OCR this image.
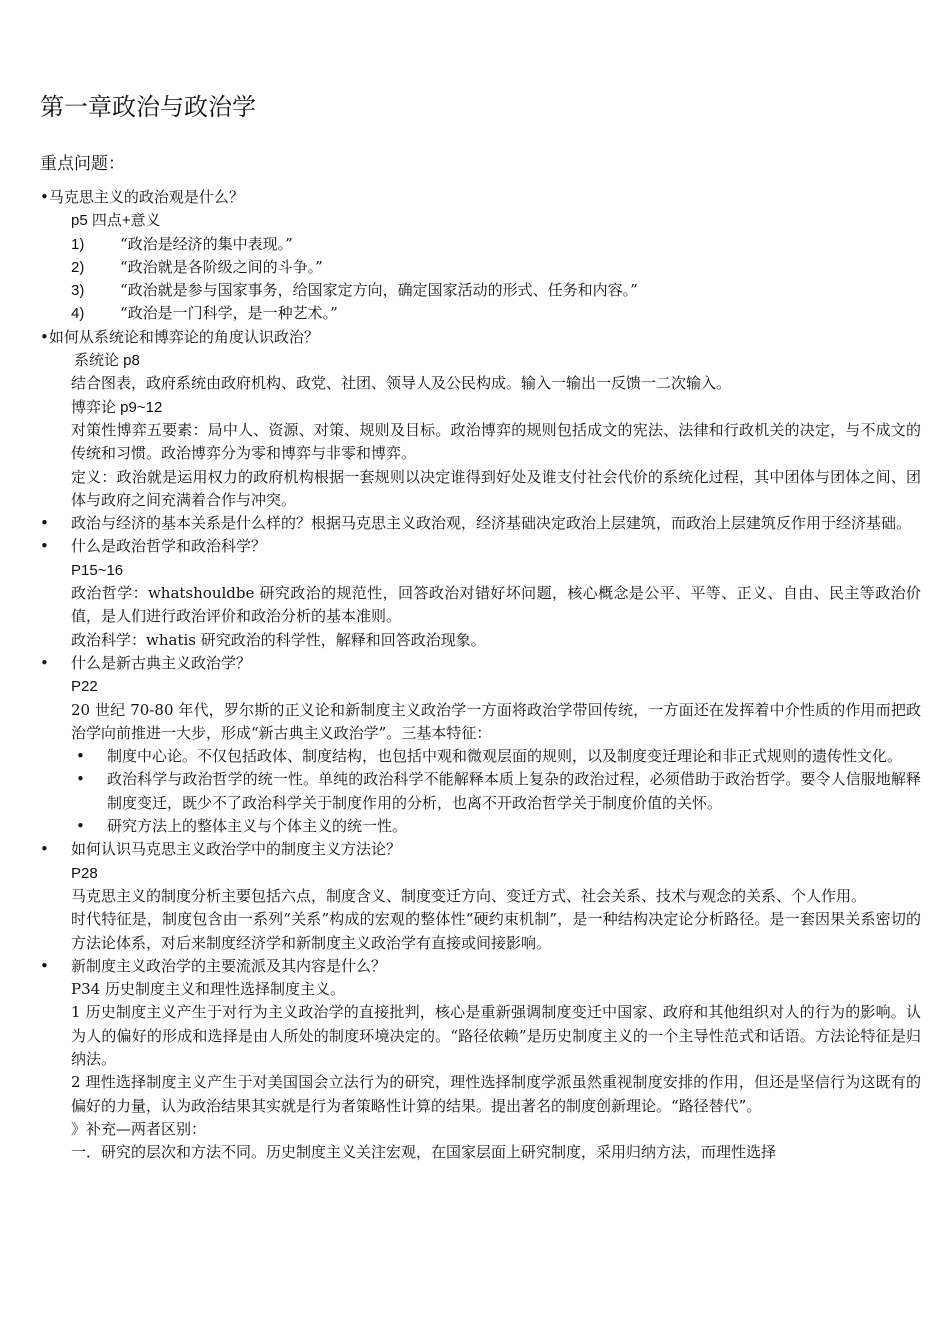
第一章政治与政治学
重点问题：
•马克思主义的政治观是什么？
p5 四点+意义
1) “政治是经济的集中表现。”
2) “政治就是各阶级之间的斗争。”
3) “政治就是参与国家事务，给国家定方向，确定国家活动的形式、任务和内容。”
4) “政治是一门科学，是一种艺术。”
•如何从系统论和博弈论的角度认识政治？
系统论 p8
结合图表，政府系统由政府机构、政党、社团、领导人及公民构成。输入一输出一反馈一二次输入。
博弈论 p9~12
对策性博弈五要素：局中人、资源、对策、规则及目标。政治博弈的规则包括成文的宪法、法律和行政机关的决定，与不成文的传统和习惯。政治博弈分为零和博弈与非零和博弈。
定义：政治就是运用权力的政府机构根据一套规则以决定谁得到好处及谁支付社会代价的系统化过程，其中团体与团体之间、团体与政府之间充满着合作与冲突。
•	政治与经济的基本关系是什么样的？根据马克思主义政治观，经济基础决定政治上层建筑，而政治上层建筑反作用于经济基础。
•	什么是政治哲学和政治科学？
P15~16
政治哲学：whatshouldbe 研究政治的规范性，回答政治对错好坏问题，核心概念是公平、平等、正义、自由、民主等政治价值，是人们进行政治评价和政治分析的基本准则。
政治科学：whatis 研究政治的科学性，解释和回答政治现象。
•	什么是新古典主义政治学？
P22
20 世纪 70-80 年代，罗尔斯的正义论和新制度主义政治学一方面将政治学带回传统，一方面还在发挥着中介性质的作用而把政治学向前推进一大步，形成“新古典主义政治学”。三基本特征：
• 制度中心论。不仅包括政体、制度结构，也包括中观和微观层面的规则，以及制度变迁理论和非正式规则的遗传性文化。
• 政治科学与政治哲学的统一性。单纯的政治科学不能解释本质上复杂的政治过程，必须借助于政治哲学。要令人信服地解释制度变迁，既少不了政治科学关于制度作用的分析，也离不开政治哲学关于制度价值的关怀。
• 研究方法上的整体主义与个体主义的统一性。
•	如何认识马克思主义政治学中的制度主义方法论？
P28
马克思主义的制度分析主要包括六点，制度含义、制度变迁方向、变迁方式、社会关系、技术与观念的关系、个人作用。
时代特征是，制度包含由一系列“关系”构成的宏观的整体性“硬约束机制”，是一种结构决定论分析路径。是一套因果关系密切的方法论体系，对后来制度经济学和新制度主义政治学有直接或间接影响。
•	新制度主义政治学的主要流派及其内容是什么？
P34 历史制度主义和理性选择制度主义。
1 历史制度主义产生于对行为主义政治学的直接批判，核心是重新强调制度变迁中国家、政府和其他组织对人的行为的影响。认为人的偏好的形成和选择是由人所处的制度环境决定的。“路径依赖”是历史制度主义的一个主导性范式和话语。方法论特征是归纳法。
2 理性选择制度主义产生于对美国国会立法行为的研究，理性选择制度学派虽然重视制度安排的作用，但还是坚信行为这既有的偏好的力量，认为政治结果其实就是行为者策略性计算的结果。提出著名的制度创新理论。“路径替代”。
》补充—两者区别：
一．研究的层次和方法不同。历史制度主义关注宏观，在国家层面上研究制度，采用归纳方法，而理性选择
